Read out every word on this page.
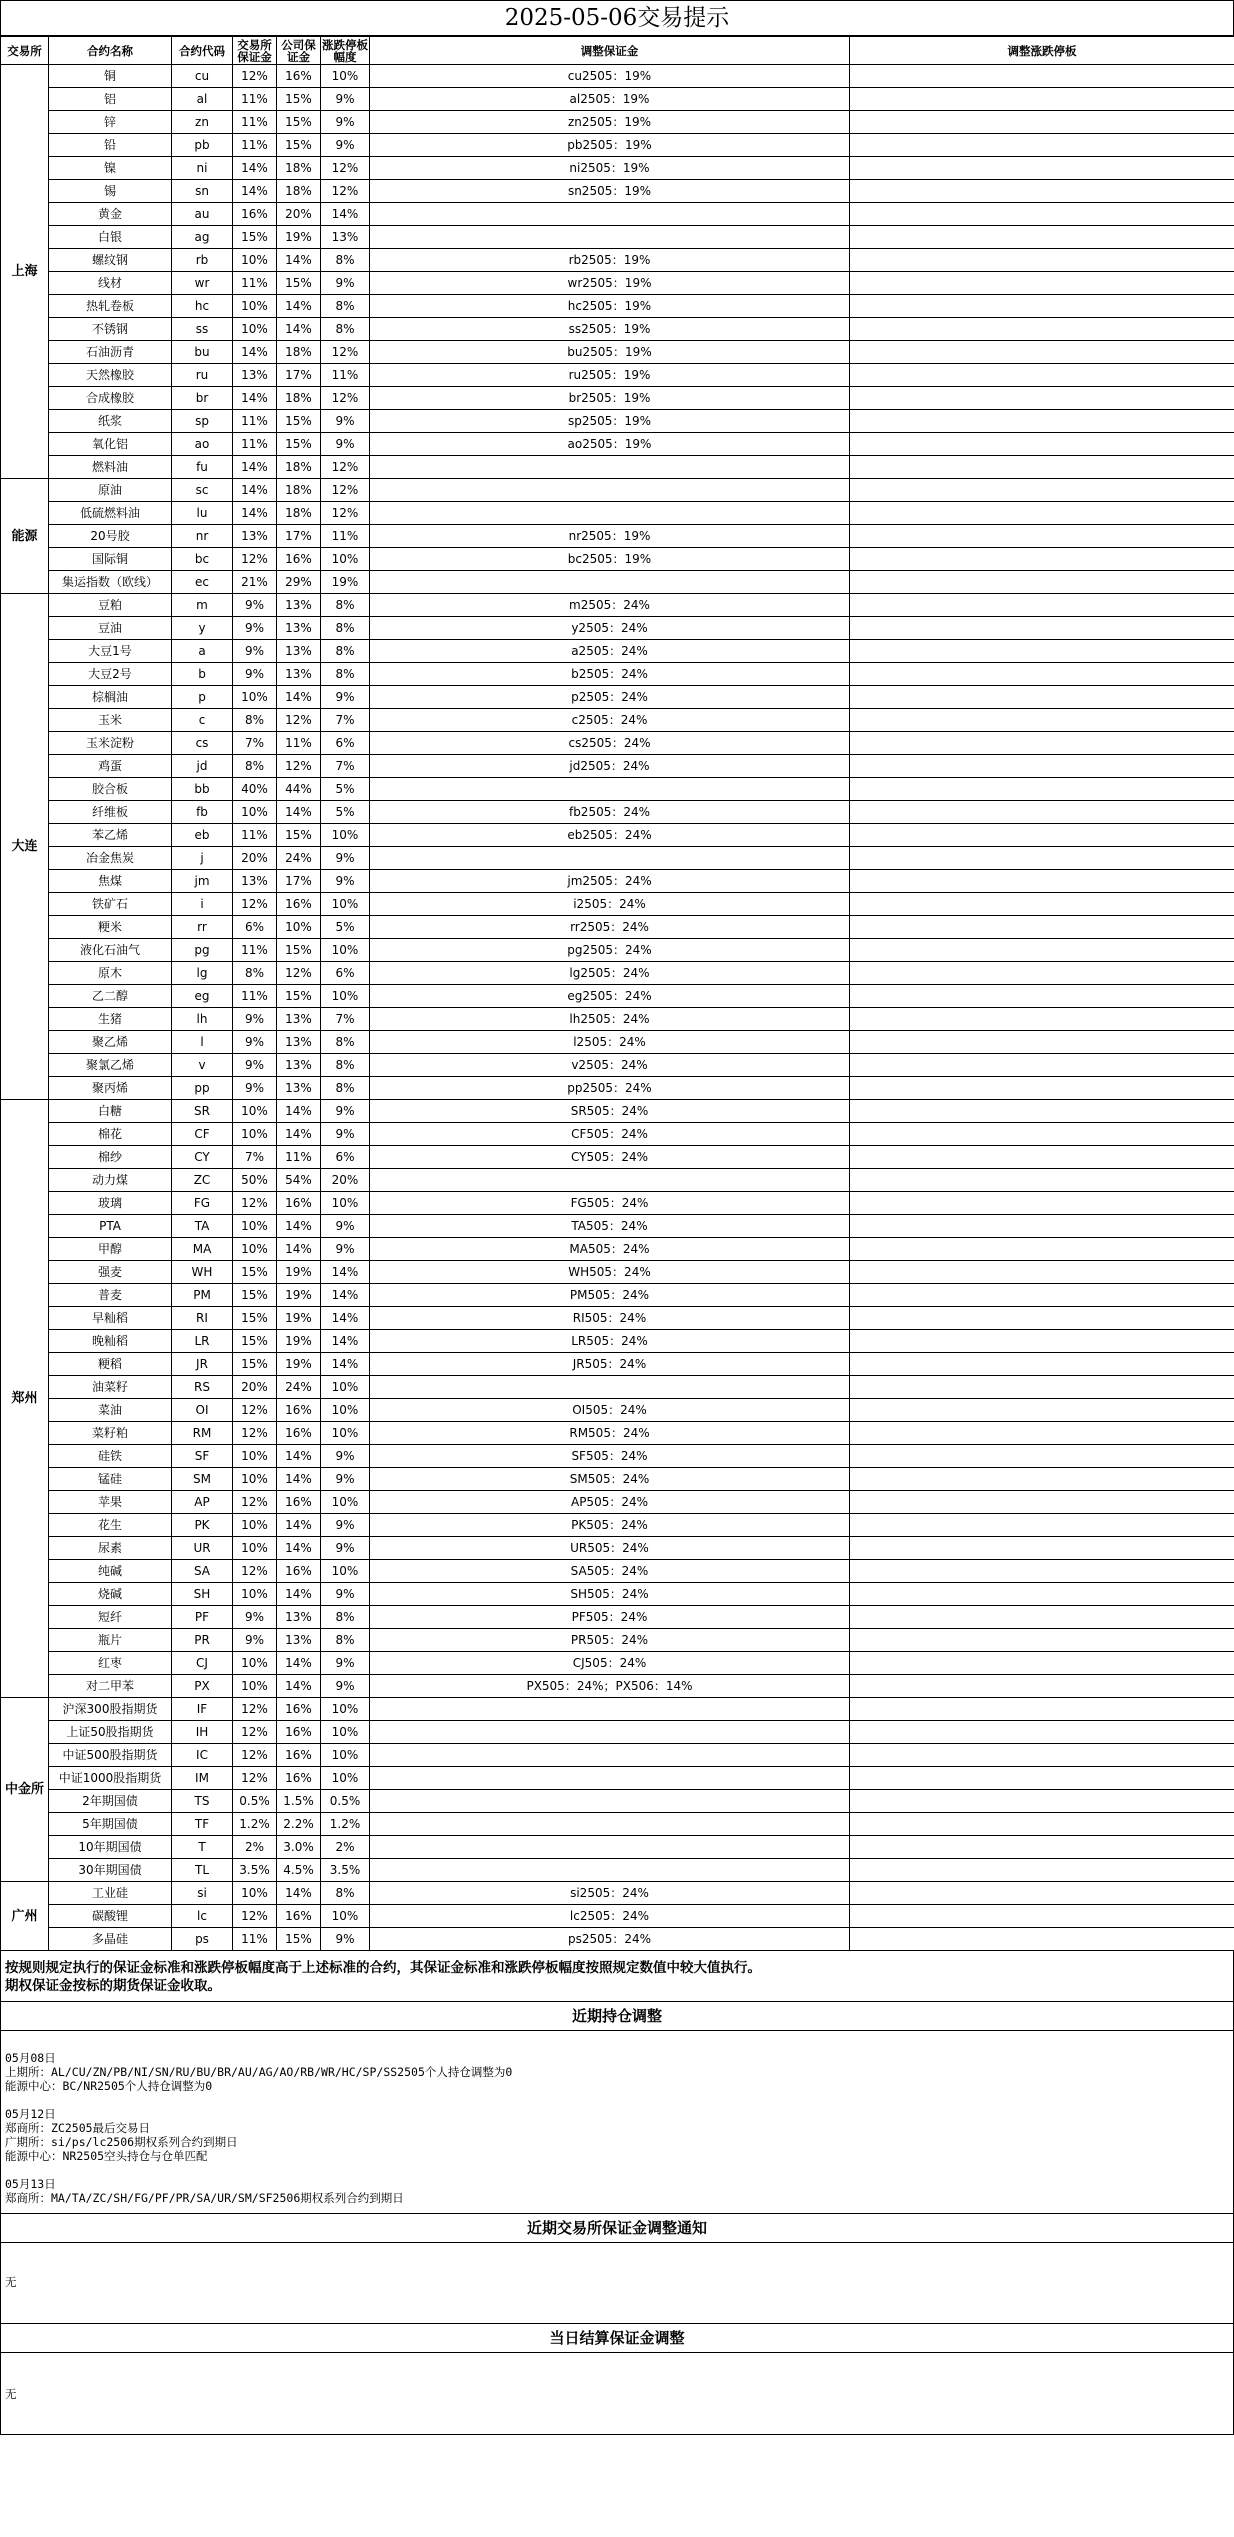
2025-05-06交易提示
交易所	合约名称	合约代码	交易所保证金	公司保证金	涨跌停板幅度	调整保证金	调整涨跌停板
上海	铜	cu	12%	16%	10%	cu2505：19%	
	铝	al	11%	15%	9%	al2505：19%	
	锌	zn	11%	15%	9%	zn2505：19%	
	铅	pb	11%	15%	9%	pb2505：19%	
	镍	ni	14%	18%	12%	ni2505：19%	
	锡	sn	14%	18%	12%	sn2505：19%	
	黄金	au	16%	20%	14%		
	白银	ag	15%	19%	13%		
	螺纹钢	rb	10%	14%	8%	rb2505：19%	
	线材	wr	11%	15%	9%	wr2505：19%	
	热轧卷板	hc	10%	14%	8%	hc2505：19%	
	不锈钢	ss	10%	14%	8%	ss2505：19%	
	石油沥青	bu	14%	18%	12%	bu2505：19%	
	天然橡胶	ru	13%	17%	11%	ru2505：19%	
	合成橡胶	br	14%	18%	12%	br2505：19%	
	纸浆	sp	11%	15%	9%	sp2505：19%	
	氧化铝	ao	11%	15%	9%	ao2505：19%	
	燃料油	fu	14%	18%	12%		
能源	原油	sc	14%	18%	12%		
	低硫燃料油	lu	14%	18%	12%		
	20号胶	nr	13%	17%	11%	nr2505：19%	
	国际铜	bc	12%	16%	10%	bc2505：19%	
	集运指数（欧线）	ec	21%	29%	19%		
大连	豆粕	m	9%	13%	8%	m2505：24%	
	豆油	y	9%	13%	8%	y2505：24%	
	大豆1号	a	9%	13%	8%	a2505：24%	
	大豆2号	b	9%	13%	8%	b2505：24%	
	棕榈油	p	10%	14%	9%	p2505：24%	
	玉米	c	8%	12%	7%	c2505：24%	
	玉米淀粉	cs	7%	11%	6%	cs2505：24%	
	鸡蛋	jd	8%	12%	7%	jd2505：24%	
	胶合板	bb	40%	44%	5%		
	纤维板	fb	10%	14%	5%	fb2505：24%	
	苯乙烯	eb	11%	15%	10%	eb2505：24%	
	冶金焦炭	j	20%	24%	9%		
	焦煤	jm	13%	17%	9%	jm2505：24%	
	铁矿石	i	12%	16%	10%	i2505：24%	
	粳米	rr	6%	10%	5%	rr2505：24%	
	液化石油气	pg	11%	15%	10%	pg2505：24%	
	原木	lg	8%	12%	6%	lg2505：24%	
	乙二醇	eg	11%	15%	10%	eg2505：24%	
	生猪	lh	9%	13%	7%	lh2505：24%	
	聚乙烯	l	9%	13%	8%	l2505：24%	
	聚氯乙烯	v	9%	13%	8%	v2505：24%	
	聚丙烯	pp	9%	13%	8%	pp2505：24%	
郑州	白糖	SR	10%	14%	9%	SR505：24%	
	棉花	CF	10%	14%	9%	CF505：24%	
	棉纱	CY	7%	11%	6%	CY505：24%	
	动力煤	ZC	50%	54%	20%		
	玻璃	FG	12%	16%	10%	FG505：24%	
	PTA	TA	10%	14%	9%	TA505：24%	
	甲醇	MA	10%	14%	9%	MA505：24%	
	强麦	WH	15%	19%	14%	WH505：24%	
	普麦	PM	15%	19%	14%	PM505：24%	
	早籼稻	RI	15%	19%	14%	RI505：24%	
	晚籼稻	LR	15%	19%	14%	LR505：24%	
	粳稻	JR	15%	19%	14%	JR505：24%	
	油菜籽	RS	20%	24%	10%		
	菜油	OI	12%	16%	10%	OI505：24%	
	菜籽粕	RM	12%	16%	10%	RM505：24%	
	硅铁	SF	10%	14%	9%	SF505：24%	
	锰硅	SM	10%	14%	9%	SM505：24%	
	苹果	AP	12%	16%	10%	AP505：24%	
	花生	PK	10%	14%	9%	PK505：24%	
	尿素	UR	10%	14%	9%	UR505：24%	
	纯碱	SA	12%	16%	10%	SA505：24%	
	烧碱	SH	10%	14%	9%	SH505：24%	
	短纤	PF	9%	13%	8%	PF505：24%	
	瓶片	PR	9%	13%	8%	PR505：24%	
	红枣	CJ	10%	14%	9%	CJ505：24%	
	对二甲苯	PX	10%	14%	9%	PX505：24%；PX506：14%	
中金所	沪深300股指期货	IF	12%	16%	10%		
	上证50股指期货	IH	12%	16%	10%		
	中证500股指期货	IC	12%	16%	10%		
	中证1000股指期货	IM	12%	16%	10%		
	2年期国债	TS	0.5%	1.5%	0.5%		
	5年期国债	TF	1.2%	2.2%	1.2%		
	10年期国债	T	2%	3.0%	2%		
	30年期国债	TL	3.5%	4.5%	3.5%		
广州	工业硅	si	10%	14%	8%	si2505：24%	
	碳酸锂	lc	12%	16%	10%	lc2505：24%	
	多晶硅	ps	11%	15%	9%	ps2505：24%	
按规则规定执行的保证金标准和涨跌停板幅度高于上述标准的合约，其保证金标准和涨跌停板幅度按照规定数值中较大值执行。
期权保证金按标的期货保证金收取。
近期持仓调整
05月08日
上期所：AL/CU/ZN/PB/NI/SN/RU/BU/BR/AU/AG/AO/RB/WR/HC/SP/SS2505个人持仓调整为0
能源中心：BC/NR2505个人持仓调整为0
05月12日
郑商所：ZC2505最后交易日
广期所：si/ps/lc2506期权系列合约到期日
能源中心：NR2505空头持仓与仓单匹配
05月13日
郑商所：MA/TA/ZC/SH/FG/PF/PR/SA/UR/SM/SF2506期权系列合约到期日
近期交易所保证金调整通知
无
当日结算保证金调整
无
